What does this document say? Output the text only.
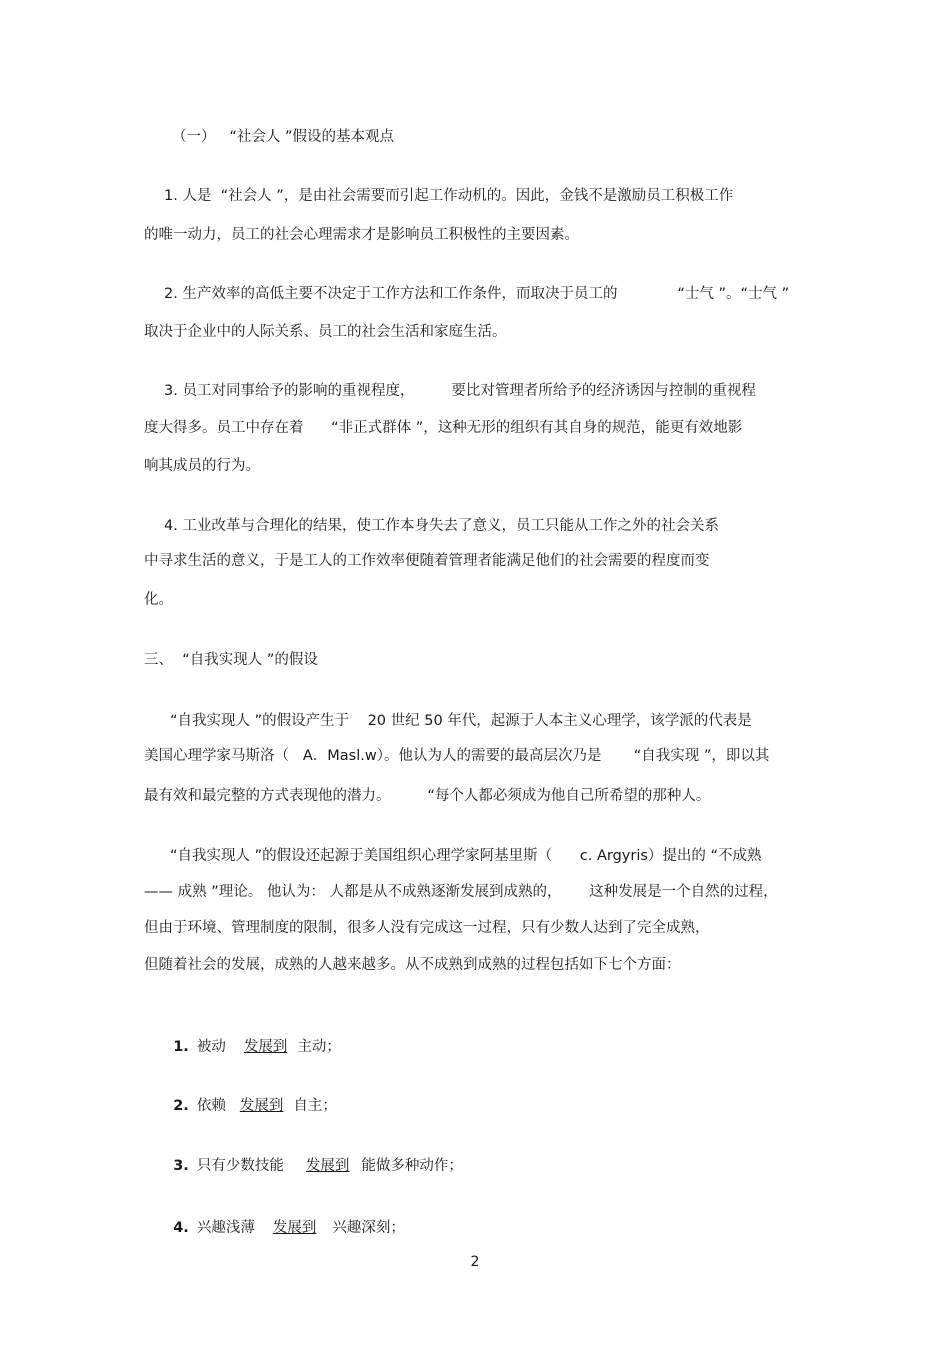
（一）   “社会人 ”假设的基本观点

1. 人是  “社会人 ”，是由社会需要而引起工作动机的。因此，金钱不是激励员工积极工作

的唯一动力，员工的社会心理需求才是影响员工积极性的主要因素。

2. 生产效率的高低主要不决定于工作方法和工作条件，而取决于员工的             “士气 ”。“士气 ”

取决于企业中的人际关系、员工的社会生活和家庭生活。

3. 员工对同事给予的影响的重视程度，        要比对管理者所给予的经济诱因与控制的重视程

度大得多。员工中存在着      “非正式群体 ”，这种无形的组织有其自身的规范，能更有效地影

响其成员的行为。

4. 工业改革与合理化的结果，使工作本身失去了意义，员工只能从工作之外的社会关系

中寻求生活的意义，于是工人的工作效率便随着管理者能满足他们的社会需要的程度而变

化。

三、  “自我实现人 ”的假设

“自我实现人 ”的假设产生于    20 世纪 50 年代，起源于人本主义心理学，该学派的代表是

美国心理学家马斯洛（   A．Masl.w）。他认为人的需要的最高层次乃是       “自我实现 ”，即以其

最有效和最完整的方式表现他的潜力。        “每个人都必须成为他自己所希望的那种人。

“自我实现人 ”的假设还起源于美国组织心理学家阿基里斯（      c. Argyris）提出的 “不成熟

—— 成熟 ”理论。 他认为： 人都是从不成熟逐渐发展到成熟的，      这种发展是一个自然的过程，

但由于环境、管理制度的限制，很多人没有完成这一过程，只有少数人达到了完全成熟，

但随着社会的发展，成熟的人越来越多。从不成熟到成熟的过程包括如下七个方面：

1. 被动 发展到 主动；

2. 依赖 发展到 自主；

3. 只有少数技能 发展到 能做多种动作；

4. 兴趣浅薄 发展到 兴趣深刻；

2
